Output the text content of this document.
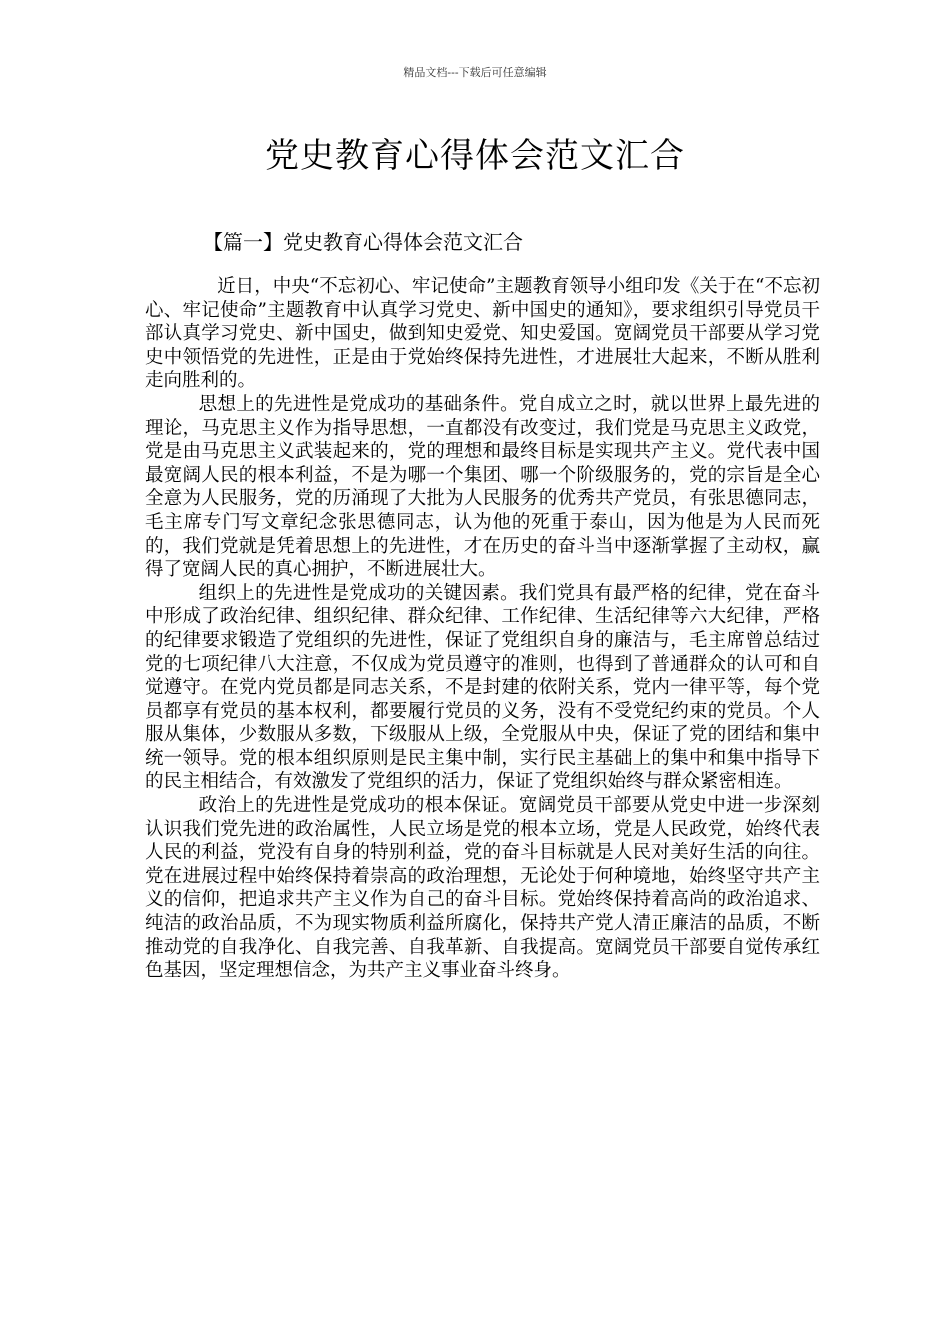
精品文档---下载后可任意编辑
党史教育心得体会范文汇合
【篇一】党史教育心得体会范文汇合

近日，中央“不忘初心、牢记使命”主题教育领导小组印发《关于在“不忘初心、牢记使命”主题教育中认真学习党史、新中国史的通知》，要求组织引导党员干部认真学习党史、新中国史，做到知史爱党、知史爱国。宽阔党员干部要从学习党史中领悟党的先进性，正是由于党始终保持先进性，才进展壮大起来，不断从胜利走向胜利的。

思想上的先进性是党成功的基础条件。党自成立之时，就以世界上最先进的理论，马克思主义作为指导思想，一直都没有改变过，我们党是马克思主义政党，党是由马克思主义武装起来的，党的理想和最终目标是实现共产主义。党代表中国最宽阔人民的根本利益，不是为哪一个集团、哪一个阶级服务的，党的宗旨是全心全意为人民服务，党的历涌现了大批为人民服务的优秀共产党员，有张思德同志，毛主席专门写文章纪念张思德同志，认为他的死重于泰山，因为他是为人民而死的，我们党就是凭着思想上的先进性，才在历史的奋斗当中逐渐掌握了主动权，赢得了宽阔人民的真心拥护，不断进展壮大。

组织上的先进性是党成功的关键因素。我们党具有最严格的纪律，党在奋斗中形成了政治纪律、组织纪律、群众纪律、工作纪律、生活纪律等六大纪律，严格的纪律要求锻造了党组织的先进性，保证了党组织自身的廉洁与，毛主席曾总结过党的七项纪律八大注意，不仅成为党员遵守的准则，也得到了普通群众的认可和自觉遵守。在党内党员都是同志关系，不是封建的依附关系，党内一律平等，每个党员都享有党员的基本权利，都要履行党员的义务，没有不受党纪约束的党员。个人服从集体，少数服从多数，下级服从上级，全党服从中央，保证了党的团结和集中统一领导。党的根本组织原则是民主集中制，实行民主基础上的集中和集中指导下的民主相结合，有效激发了党组织的活力，保证了党组织始终与群众紧密相连。

政治上的先进性是党成功的根本保证。宽阔党员干部要从党史中进一步深刻认识我们党先进的政治属性，人民立场是党的根本立场，党是人民政党，始终代表人民的利益，党没有自身的特别利益，党的奋斗目标就是人民对美好生活的向往。党在进展过程中始终保持着崇高的政治理想，无论处于何种境地，始终坚守共产主义的信仰，把追求共产主义作为自己的奋斗目标。党始终保持着高尚的政治追求、纯洁的政治品质，不为现实物质利益所腐化，保持共产党人清正廉洁的品质，不断推动党的自我净化、自我完善、自我革新、自我提高。宽阔党员干部要自觉传承红色基因，坚定理想信念，为共产主义事业奋斗终身。
